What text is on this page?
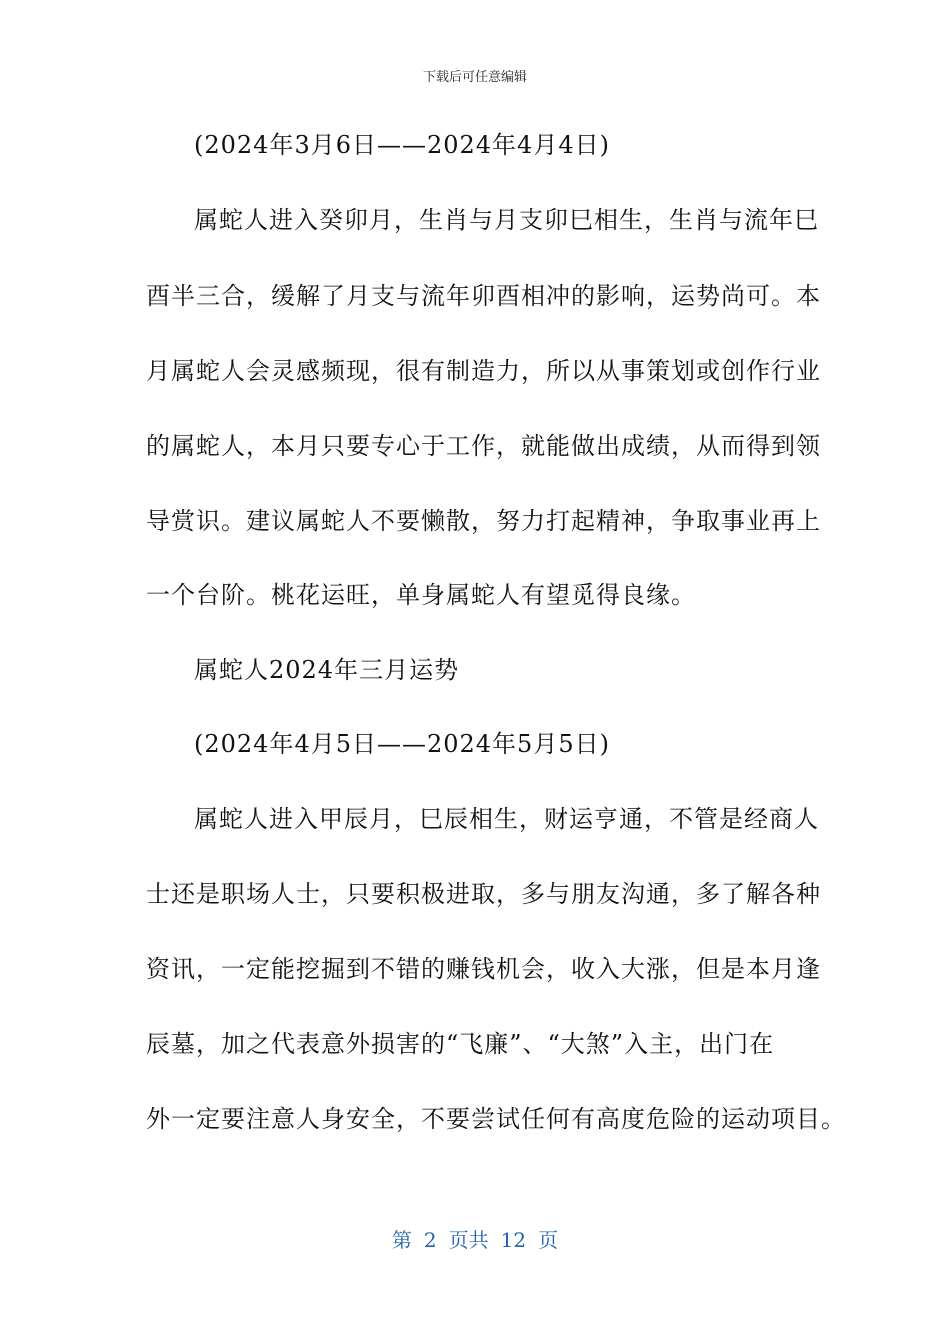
下载后可任意编辑
(2024年3月6日——2024年4月4日)
属蛇人进入癸卯月，生肖与月支卯巳相生，生肖与流年巳
酉半三合，缓解了月支与流年卯酉相冲的影响，运势尚可。本
月属蛇人会灵感频现，很有制造力，所以从事策划或创作行业
的属蛇人，本月只要专心于工作，就能做出成绩，从而得到领
导赏识。建议属蛇人不要懒散，努力打起精神，争取事业再上
一个台阶。桃花运旺，单身属蛇人有望觅得良缘。
属蛇人2024年三月运势
(2024年4月5日——2024年5月5日)
属蛇人进入甲辰月，巳辰相生，财运亨通，不管是经商人
士还是职场人士，只要积极进取，多与朋友沟通，多了解各种
资讯，一定能挖掘到不错的赚钱机会，收入大涨，但是本月逢
辰墓，加之代表意外损害的“飞廉”、“大煞”入主，出门在
外一定要注意人身安全，不要尝试任何有高度危险的运动项目。
第 2 页共 12 页
